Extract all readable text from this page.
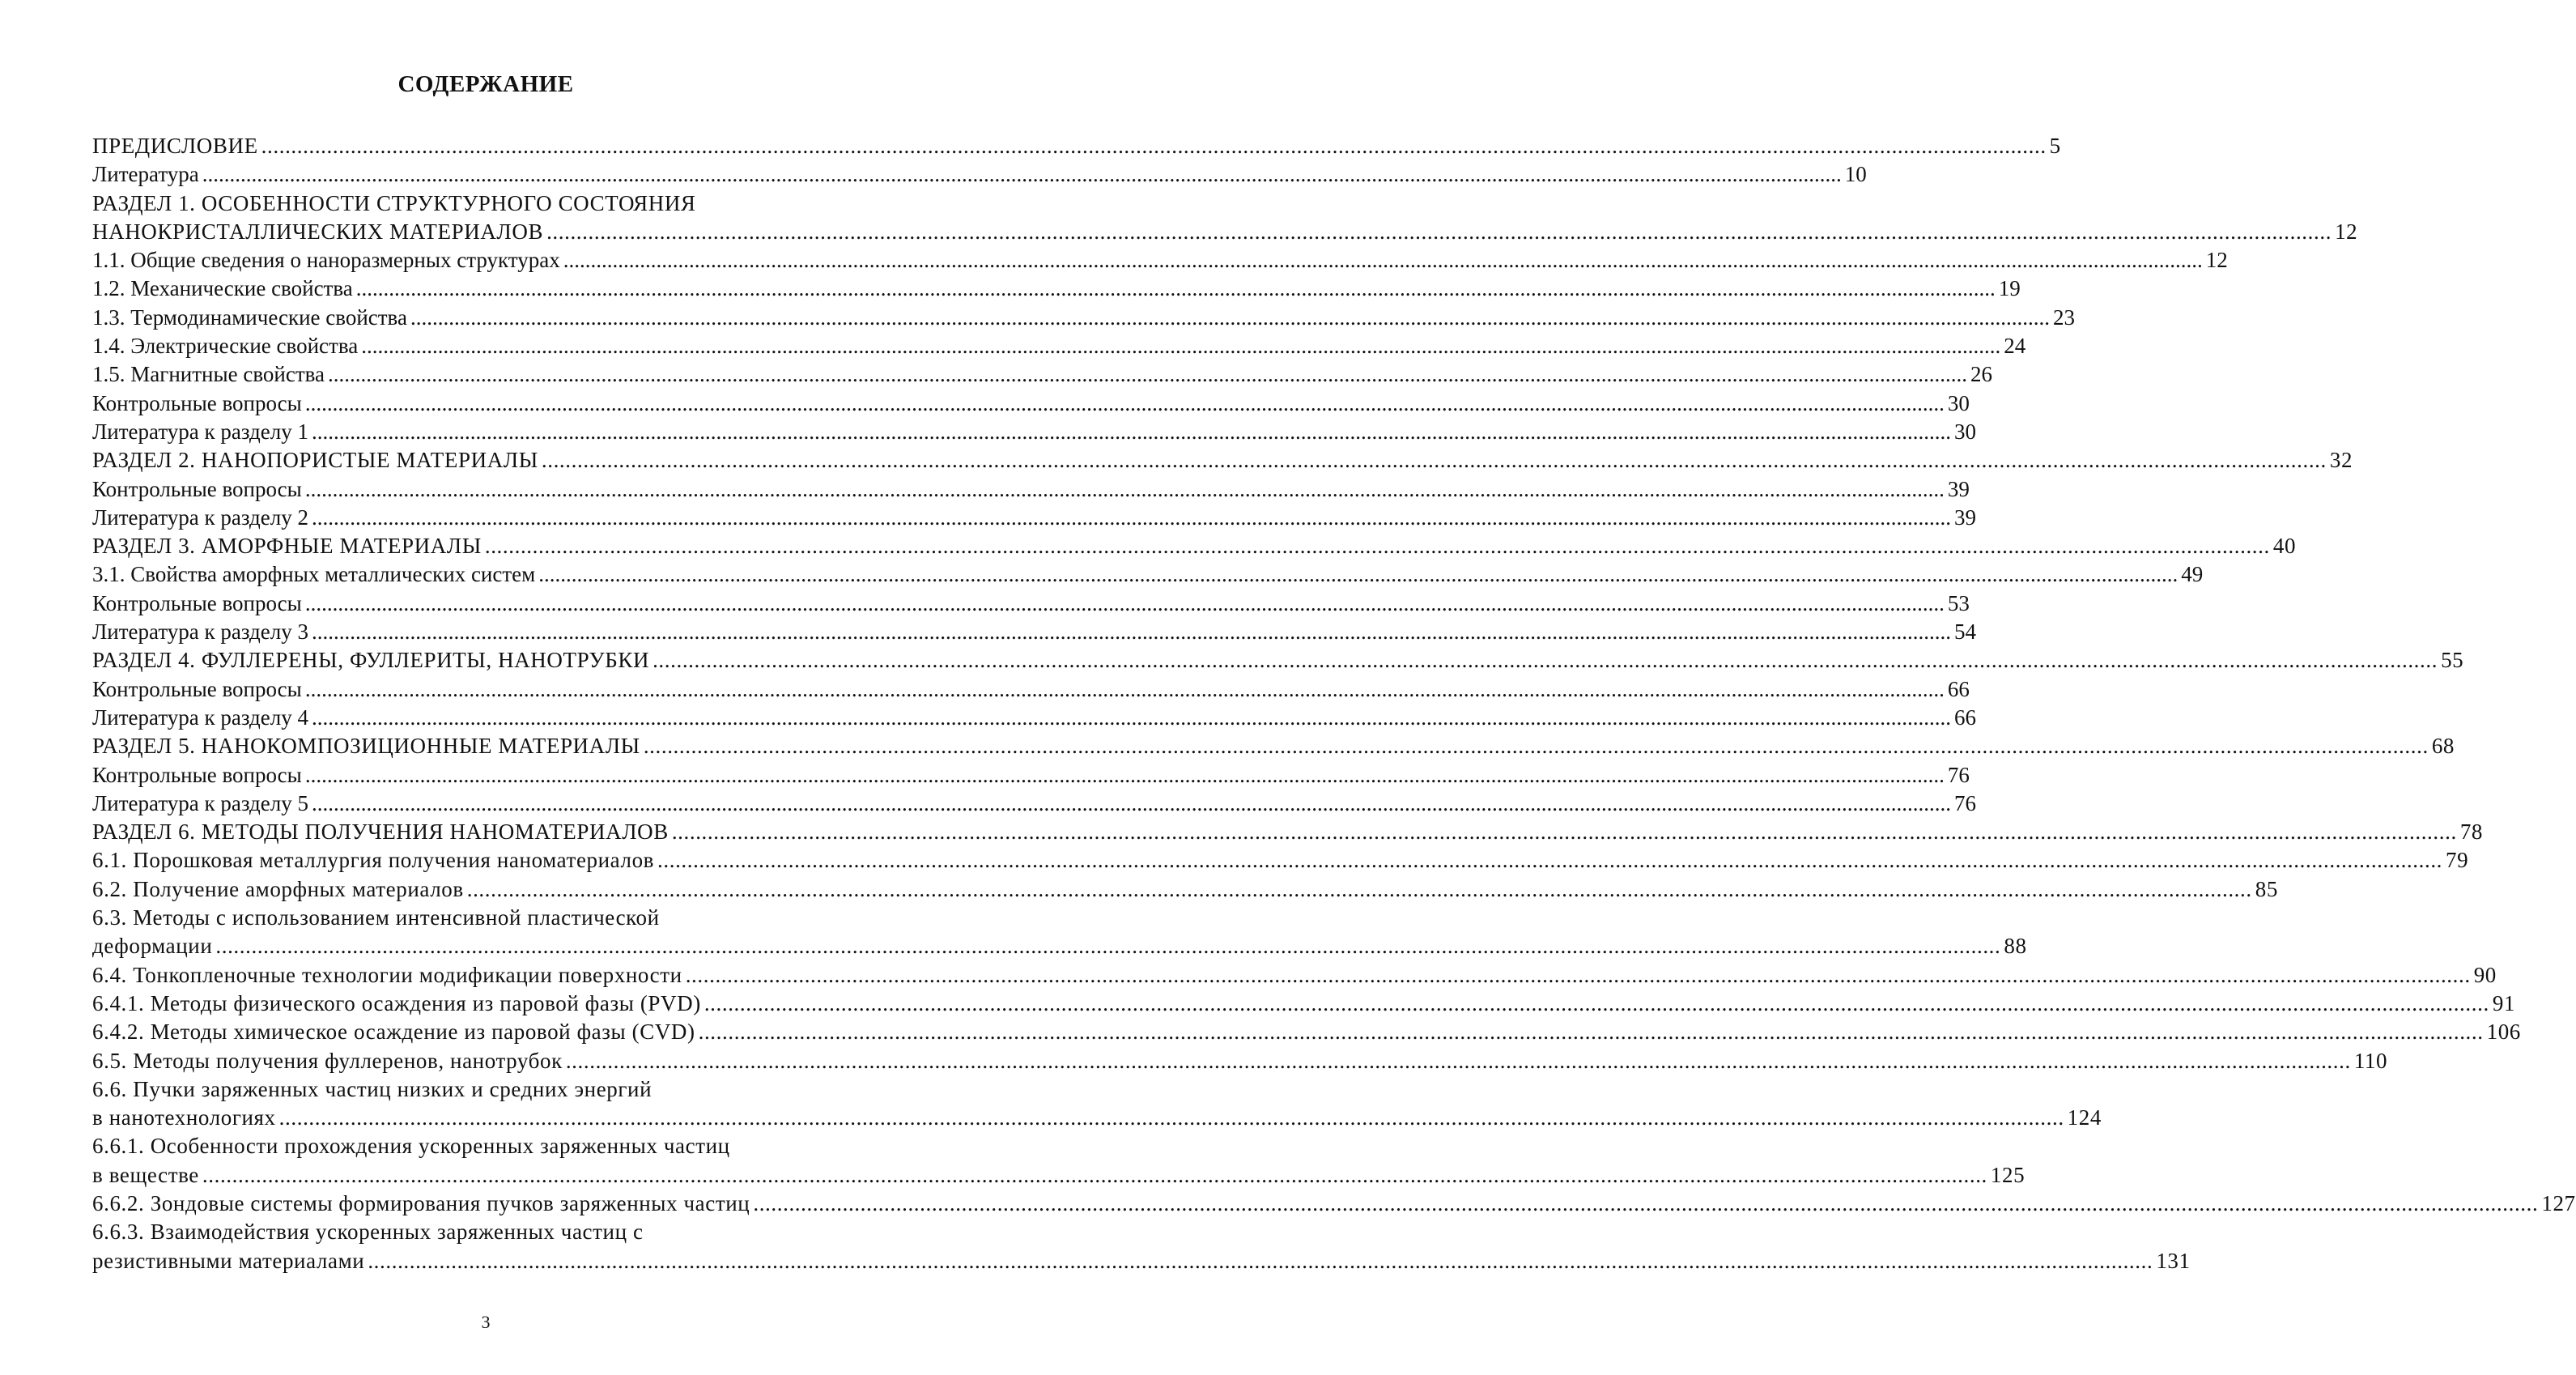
СОДЕРЖАНИЕ
ПРЕДИСЛОВИЕ ............................................................................................................................................................................................................................................................................................................ 5
Литература ............................................................................................................................................................................................................................................................................................................ 10
РАЗДЕЛ 1. ОСОБЕННОСТИ СТРУКТУРНОГО СОСТОЯНИЯ
НАНОКРИСТАЛЛИЧЕСКИХ МАТЕРИАЛОВ ............................................................................................................................................................................................................................................................................................................ 12
1.1. Общие сведения о наноразмерных структурах ............................................................................................................................................................................................................................................................................................................ 12
1.2. Механические свойства ............................................................................................................................................................................................................................................................................................................ 19
1.3. Термодинамические свойства ............................................................................................................................................................................................................................................................................................................ 23
1.4. Электрические свойства ............................................................................................................................................................................................................................................................................................................ 24
1.5. Магнитные свойства ............................................................................................................................................................................................................................................................................................................ 26
Контрольные вопросы ............................................................................................................................................................................................................................................................................................................ 30
Литература к разделу 1 ............................................................................................................................................................................................................................................................................................................ 30
РАЗДЕЛ 2. НАНОПОРИСТЫЕ МАТЕРИАЛЫ ............................................................................................................................................................................................................................................................................................................ 32
Контрольные вопросы ............................................................................................................................................................................................................................................................................................................ 39
Литература к разделу 2 ............................................................................................................................................................................................................................................................................................................ 39
РАЗДЕЛ 3. АМОРФНЫЕ МАТЕРИАЛЫ ............................................................................................................................................................................................................................................................................................................ 40
3.1. Свойства аморфных металлических систем ............................................................................................................................................................................................................................................................................................................ 49
Контрольные вопросы ............................................................................................................................................................................................................................................................................................................ 53
Литература к разделу 3 ............................................................................................................................................................................................................................................................................................................ 54
РАЗДЕЛ 4. ФУЛЛЕРЕНЫ, ФУЛЛЕРИТЫ, НАНОТРУБКИ ............................................................................................................................................................................................................................................................................................................ 55
Контрольные вопросы ............................................................................................................................................................................................................................................................................................................ 66
Литература к разделу 4 ............................................................................................................................................................................................................................................................................................................ 66
РАЗДЕЛ 5. НАНОКОМПОЗИЦИОННЫЕ МАТЕРИАЛЫ ............................................................................................................................................................................................................................................................................................................ 68
Контрольные вопросы ............................................................................................................................................................................................................................................................................................................ 76
Литература к разделу 5 ............................................................................................................................................................................................................................................................................................................ 76
РАЗДЕЛ 6. МЕТОДЫ ПОЛУЧЕНИЯ НАНОМАТЕРИАЛОВ ............................................................................................................................................................................................................................................................................................................ 78
6.1. Порошковая металлургия получения наноматериалов ............................................................................................................................................................................................................................................................................................................ 79
6.2. Получение аморфных материалов ............................................................................................................................................................................................................................................................................................................ 85
6.3. Методы с использованием интенсивной пластической
деформации ............................................................................................................................................................................................................................................................................................................ 88
6.4. Тонкопленочные технологии модификации поверхности ............................................................................................................................................................................................................................................................................................................ 90
6.4.1. Методы физического осаждения из паровой фазы (PVD) ............................................................................................................................................................................................................................................................................................................ 91
6.4.2. Методы химическое осаждение из паровой фазы (CVD) ............................................................................................................................................................................................................................................................................................................ 106
6.5. Методы получения фуллеренов, нанотрубок ............................................................................................................................................................................................................................................................................................................ 110
6.6. Пучки заряженных частиц низких и средних энергий
в нанотехнологиях ............................................................................................................................................................................................................................................................................................................ 124
6.6.1. Особенности прохождения ускоренных заряженных частиц
в веществе ............................................................................................................................................................................................................................................................................................................ 125
6.6.2. Зондовые системы формирования пучков заряженных частиц ............................................................................................................................................................................................................................................................................................................ 127
6.6.3. Взаимодействия ускоренных заряженных частиц с
резистивными материалами ............................................................................................................................................................................................................................................................................................................ 131
3
